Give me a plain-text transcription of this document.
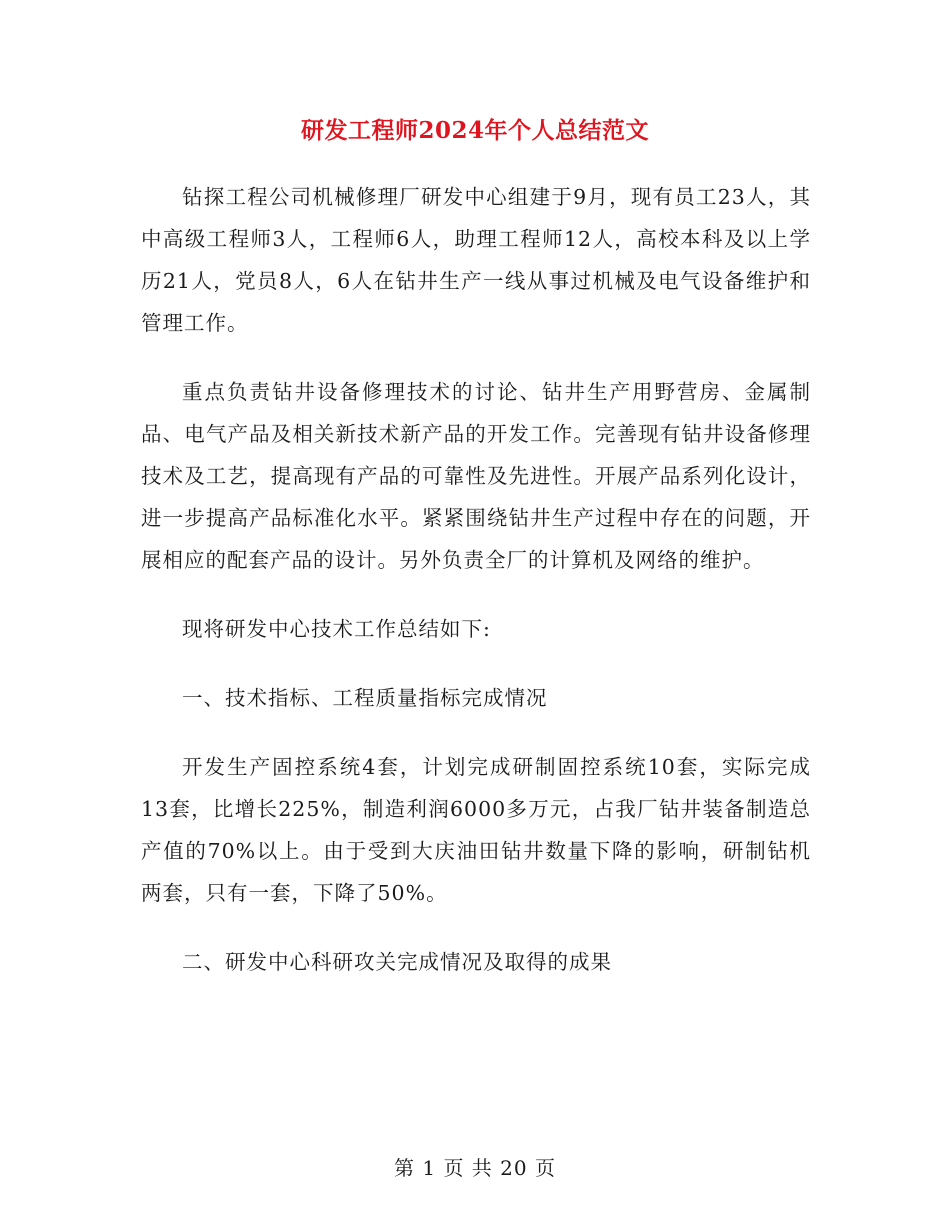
研发工程师2024年个人总结范文

钻探工程公司机械修理厂研发中心组建于9月，现有员工23人，其中高级工程师3人，工程师6人，助理工程师12人，高校本科及以上学历21人，党员8人，6人在钻井生产一线从事过机械及电气设备维护和管理工作。

重点负责钻井设备修理技术的讨论、钻井生产用野营房、金属制品、电气产品及相关新技术新产品的开发工作。完善现有钻井设备修理技术及工艺，提高现有产品的可靠性及先进性。开展产品系列化设计，进一步提高产品标准化水平。紧紧围绕钻井生产过程中存在的问题，开展相应的配套产品的设计。另外负责全厂的计算机及网络的维护。

现将研发中心技术工作总结如下:

一、技术指标、工程质量指标完成情况

开发生产固控系统4套，计划完成研制固控系统10套，实际完成13套，比增长225%，制造利润6000多万元，占我厂钻井装备制造总产值的70%以上。由于受到大庆油田钻井数量下降的影响，研制钻机两套，只有一套，下降了50%。

二、研发中心科研攻关完成情况及取得的成果

第 1 页 共 20 页
